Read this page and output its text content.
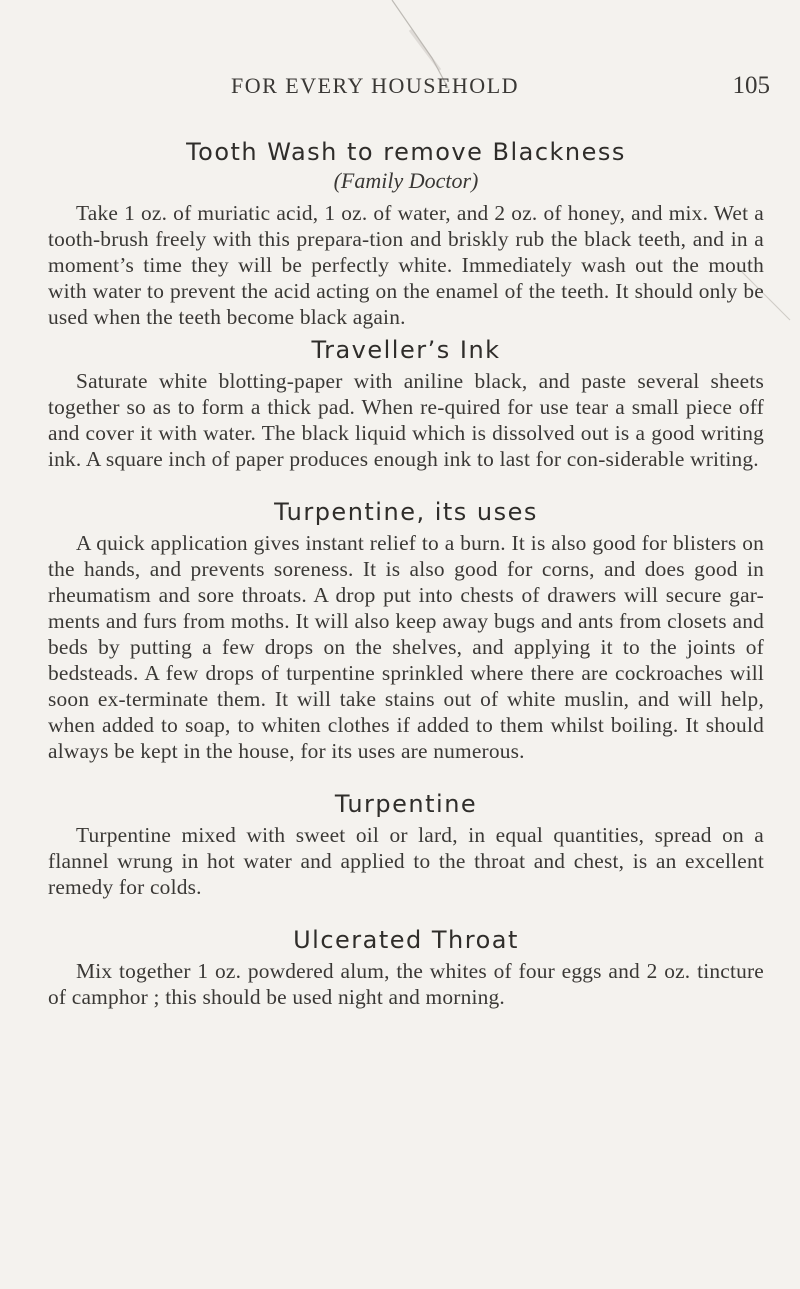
FOR EVERY HOUSEHOLD	105
Tooth Wash to remove Blackness
(Family Doctor)

Take 1 oz. of muriatic acid, 1 oz. of water, and 2 oz. of honey, and mix. Wet a tooth-brush freely with this prepara-tion and briskly rub the black teeth, and in a moment’s time they will be perfectly white. Immediately wash out the mouth with water to prevent the acid acting on the enamel of the teeth. It should only be used when the teeth become black again.

Traveller’s Ink

Saturate white blotting-paper with aniline black, and paste several sheets together so as to form a thick pad. When re-quired for use tear a small piece off and cover it with water. The black liquid which is dissolved out is a good writing ink. A square inch of paper produces enough ink to last for con-siderable writing.

Turpentine, its uses

A quick application gives instant relief to a burn. It is also good for blisters on the hands, and prevents soreness. It is also good for corns, and does good in rheumatism and sore throats. A drop put into chests of drawers will secure gar-ments and furs from moths. It will also keep away bugs and ants from closets and beds by putting a few drops on the shelves, and applying it to the joints of bedsteads. A few drops of turpentine sprinkled where there are cockroaches will soon ex-terminate them. It will take stains out of white muslin, and will help, when added to soap, to whiten clothes if added to them whilst boiling. It should always be kept in the house, for its uses are numerous.

Turpentine

Turpentine mixed with sweet oil or lard, in equal quantities, spread on a flannel wrung in hot water and applied to the throat and chest, is an excellent remedy for colds.

Ulcerated Throat

Mix together 1 oz. powdered alum, the whites of four eggs and 2 oz. tincture of camphor ; this should be used night and morning.
